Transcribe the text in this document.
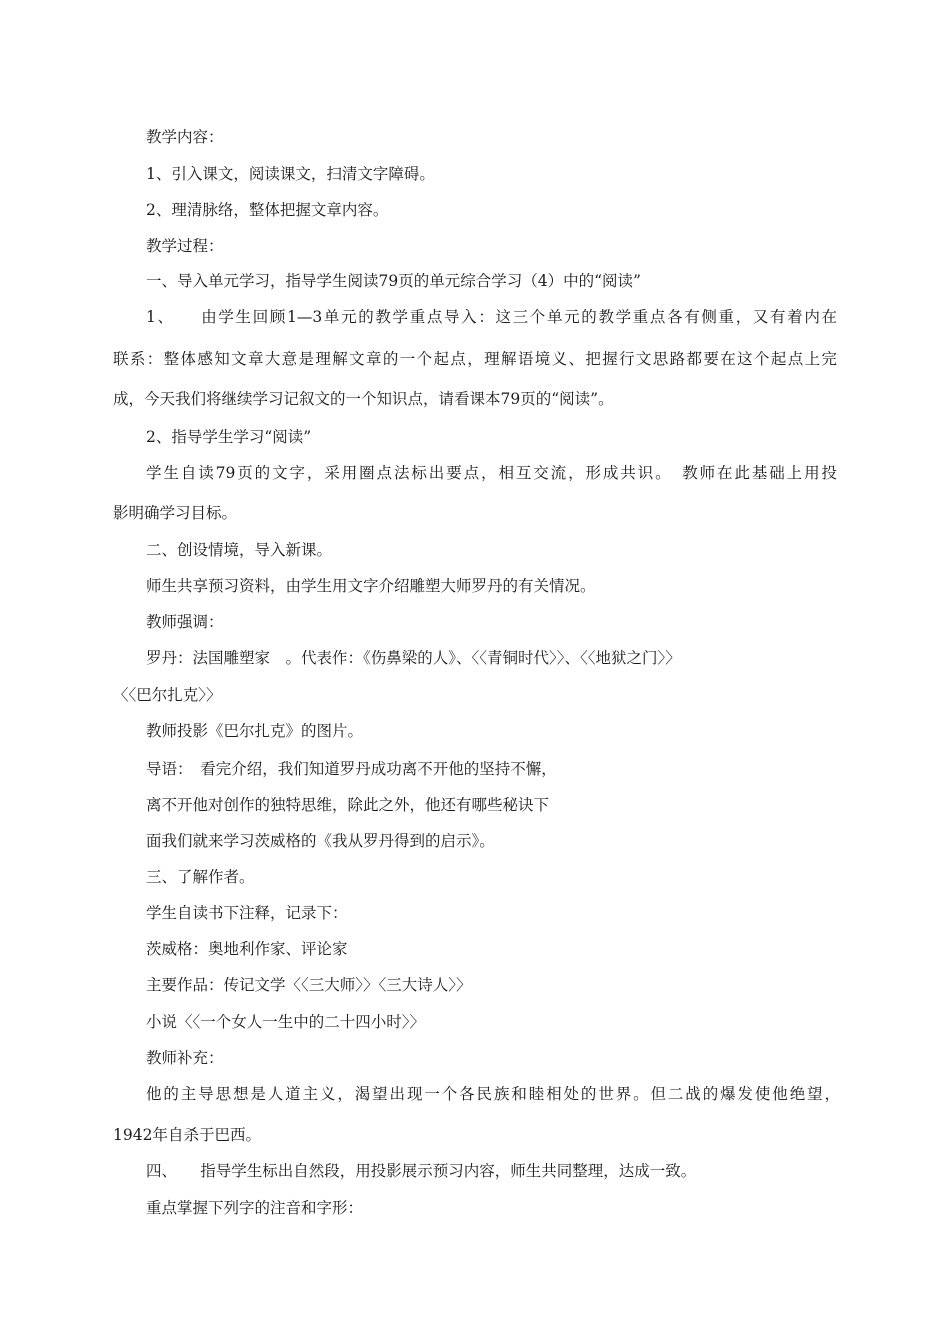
教学内容：
1、引入课文，阅读课文，扫清文字障碍。
2、理清脉络，整体把握文章内容。
教学过程：
一、导入单元学习，指导学生阅读79页的单元综合学习（4）中的“阅读”
1、　　由学生回顾1—3单元的教学重点导入：这三个单元的教学重点各有侧重，又有着内在
联系：整体感知文章大意是理解文章的一个起点，理解语境义、把握行文思路都要在这个起点上完
成，今天我们将继续学习记叙文的一个知识点，请看课本79页的“阅读”。
2、指导学生学习“阅读”
学生自读79页的文字，采用圈点法标出要点，相互交流，形成共识。　教师在此基础上用投
影明确学习目标。
二、创设情境，导入新课。
师生共享预习资料，由学生用文字介绍雕塑大师罗丹的有关情况。
教师强调：
罗丹：法国雕塑家　。代表作：《伤鼻梁的人》、〈〈青铜时代〉〉、〈〈地狱之门〉〉
〈〈巴尔扎克〉〉
教师投影《巴尔扎克》的图片。
导语：　看完介绍，我们知道罗丹成功离不开他的坚持不懈，
离不开他对创作的独特思维，除此之外，他还有哪些秘诀下
面我们就来学习茨威格的《我从罗丹得到的启示》。
三、了解作者。
学生自读书下注释，记录下：
茨威格：奥地利作家、评论家
主要作品：传记文学〈〈三大师〉〉〈三大诗人〉〉
小说〈〈一个女人一生中的二十四小时〉〉
教师补充：
他的主导思想是人道主义，渴望出现一个各民族和睦相处的世界。但二战的爆发使他绝望，
1942年自杀于巴西。
四、　　指导学生标出自然段，用投影展示预习内容，师生共同整理，达成一致。
重点掌握下列字的注音和字形：
